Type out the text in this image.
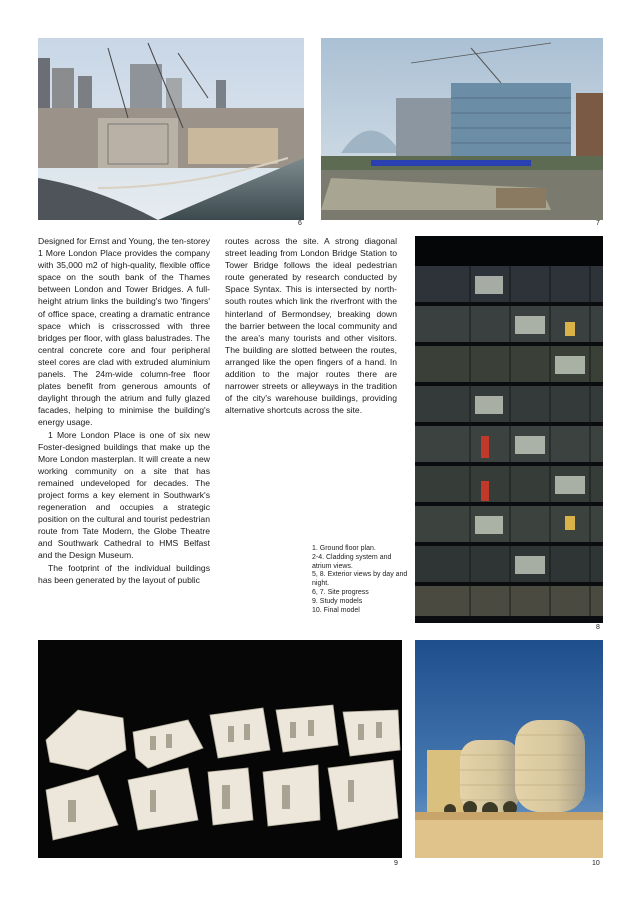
6	7

Designed for Ernst and Young, the ten-storey 1 More London Place provides the company with 35,000 m2 of high-quality, flexible office space on the south bank of the Thames between London and Tower Bridges. A full-height atrium links the building's two 'fingers' of office space, creating a dramatic entrance space which is crisscrossed with three bridges per floor, with glass balustrades. The central concrete core and four peripheral steel cores are clad with extruded aluminium panels. The 24m-wide column-free floor plates benefit from generous amounts of daylight through the atrium and fully glazed facades, helping to minimise the building's energy usage.

1 More London Place is one of six new Foster-designed buildings that make up the More London masterplan. It will create a new working community on a site that has remained undeveloped for decades. The project forms a key element in Southwark's regeneration and occupies a strategic position on the cultural and tourist pedestrian route from Tate Modern, the Globe Theatre and Southwark Cathedral to HMS Belfast and the Design Museum.

The footprint of the individual buildings has been generated by the layout of public

routes across the site. A strong diagonal street leading from London Bridge Station to Tower Bridge follows the ideal pedestrian route generated by research conducted by Space Syntax. This is intersected by north-south routes which link the riverfront with the hinterland of Bermondsey, breaking down the barrier between the local community and the area's many tourists and other visitors. The building are slotted between the routes, arranged like the open fingers of a hand. In addition to the major routes there are narrower streets or alleyways in the tradition of the city's warehouse buildings, providing alternative shortcuts across the site.

8
1. Ground floor plan.
2-4. Cladding system and atrium views.
5, 8. Exterior views by day and night.
6, 7. Site progress
9. Study models
10. Final model
9	10
